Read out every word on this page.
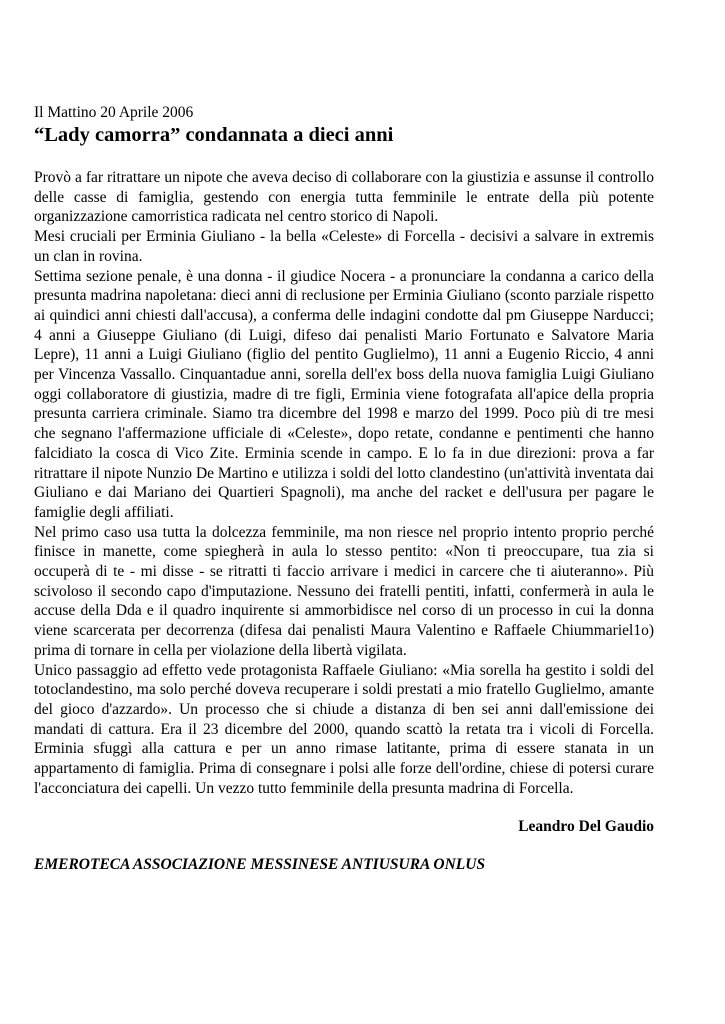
Il Mattino 20 Aprile 2006

“Lady camorra” condannata a dieci anni

Provò a far ritrattare un nipote che aveva deciso di collaborare con la giustizia e assunse il controllo delle casse di famiglia, gestendo con energia tutta femminile le entrate della più potente organizzazione camorristica radicata nel centro storico di Napoli.

Mesi cruciali per Erminia Giuliano - la bella «Celeste» di Forcella - decisivi a salvare in extremis un clan in rovina.

Settima sezione penale, è una donna - il giudice Nocera - a pronunciare la condanna a carico della presunta madrina napoletana: dieci anni di reclusione per Erminia Giuliano (sconto parziale rispetto ai quindici anni chiesti dall'accusa), a conferma delle indagini condotte dal pm Giuseppe Narducci; 4 anni a Giuseppe Giuliano (di Luigi, difeso dai penalisti Mario Fortunato e Salvatore Maria Lepre), 11 anni a Luigi Giuliano (figlio del pentito Guglielmo), 11 anni a Eugenio Riccio, 4 anni per Vincenza Vassallo. Cinquantadue anni, sorella dell'ex boss della nuova famiglia Luigi Giuliano oggi collaboratore di giustizia, madre di tre figli, Erminia viene fotografata all'apice della propria presunta carriera criminale. Siamo tra dicembre del 1998 e marzo del 1999. Poco più di tre mesi che segnano l'affermazione ufficiale di «Celeste», dopo retate, condanne e pentimenti che hanno falcidiato la cosca di Vico Zite. Erminia scende in campo. E lo fa in due direzioni: prova a far ritrattare il nipote Nunzio De Martino e utilizza i soldi del lotto clandestino (un'attività inventata dai Giuliano e dai Mariano dei Quartieri Spagnoli), ma anche del racket e dell'usura per pagare le famiglie degli affiliati.

Nel primo caso usa tutta la dolcezza femminile, ma non riesce nel proprio intento proprio perché finisce in manette, come spiegherà in aula lo stesso pentito: «Non ti preoccupare, tua zia si occuperà di te - mi disse - se ritratti ti faccio arrivare i medici in carcere che ti aiuteranno». Più scivoloso il secondo capo d'imputazione. Nessuno dei fratelli pentiti, infatti, confermerà in aula le accuse della Dda e il quadro inquirente si ammorbidisce nel corso di un processo in cui la donna viene scarcerata per decorrenza (difesa dai penalisti Maura Valentino e Raffaele Chiummariel1o) prima di tornare in cella per violazione della libertà vigilata.

Unico passaggio ad effetto vede protagonista Raffaele Giuliano: «Mia sorella ha gestito i soldi del totoclandestino, ma solo perché doveva recuperare i soldi prestati a mio fratello Guglielmo, amante del gioco d'azzardo». Un processo che si chiude a distanza di ben sei anni dall'emissione dei mandati di cattura. Era il 23 dicembre del 2000, quando scattò la retata tra i vicoli di Forcella. Erminia sfuggì alla cattura e per un anno rimase latitante, prima di essere stanata in un appartamento di famiglia. Prima di consegnare i polsi alle forze dell'ordine, chiese di potersi curare l'acconciatura dei capelli. Un vezzo tutto femminile della presunta madrina di Forcella.

Leandro Del Gaudio

EMEROTECA ASSOCIAZIONE MESSINESE ANTIUSURA ONLUS
